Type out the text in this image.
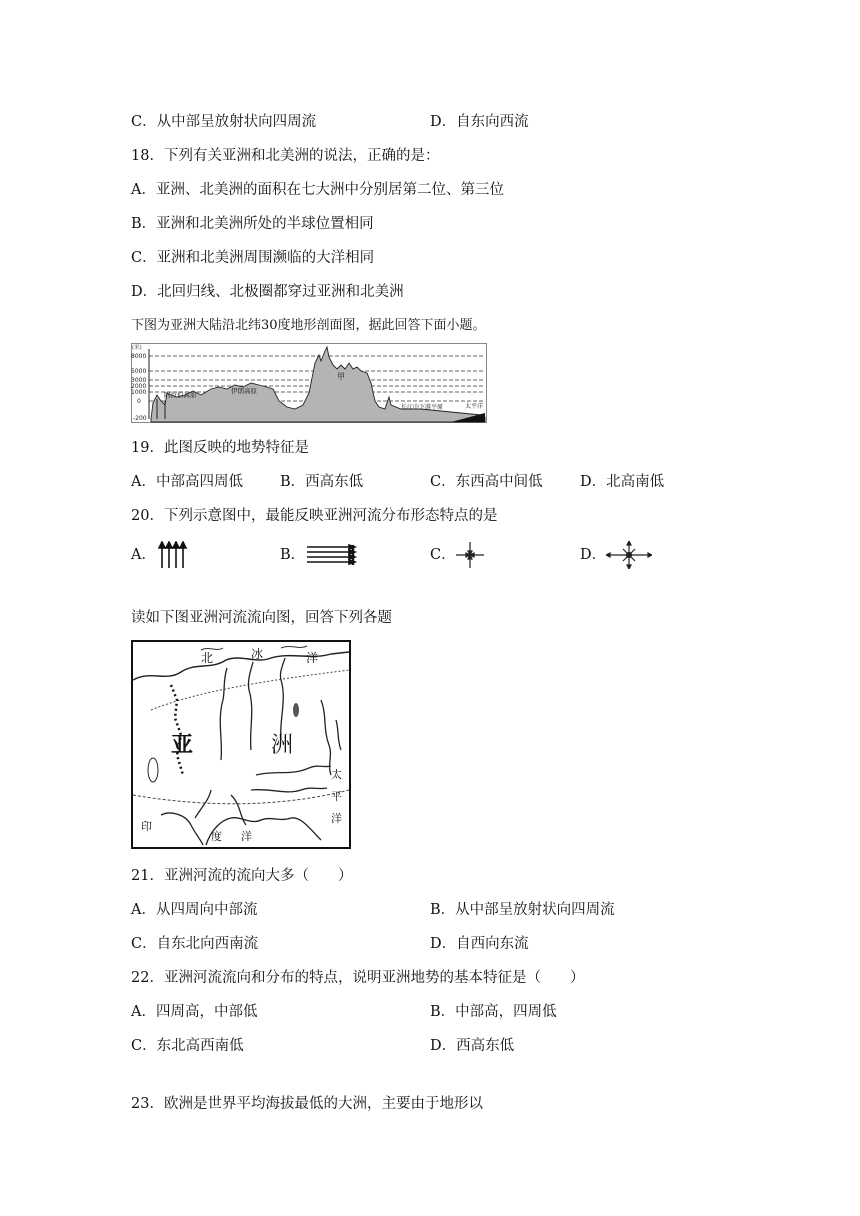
C．从中部呈放射状向四周流	D．自东向西流
18．下列有关亚洲和北美洲的说法，正确的是：
A．亚洲、北美洲的面积在七大洲中分别居第二位、第三位
B．亚洲和北美洲所处的半球位置相同
C．亚洲和北美洲周围濒临的大洋相同
D．北回归线、北极圈都穿过亚洲和北美洲
下图为亚洲大陆沿北纬30度地形剖面图，据此回答下面小题。
(米)
8000
5000
3000
2000
1000
0
-200
阿拉伯高原	伊朗高原
甲
长江中下游平原	太平洋
19．此图反映的地势特征是
A．中部高四周低	B．西高东低	C．东西高中间低	D．北高南低
20．下列示意图中，最能反映亚洲河流分布形态特点的是
A．	B．	C．	D．
读如下图亚洲河流流向图，回答下列各题
北	冰	洋
亚	洲
太
平
洋
印
度 洋
21．亚洲河流的流向大多（　　）
A．从四周向中部流	B．从中部呈放射状向四周流
C．自东北向西南流	D．自西向东流
22．亚洲河流流向和分布的特点，说明亚洲地势的基本特征是（　　）
A．四周高，中部低	B．中部高，四周低
C．东北高西南低	D．西高东低
23．欧洲是世界平均海拔最低的大洲，主要由于地形以
